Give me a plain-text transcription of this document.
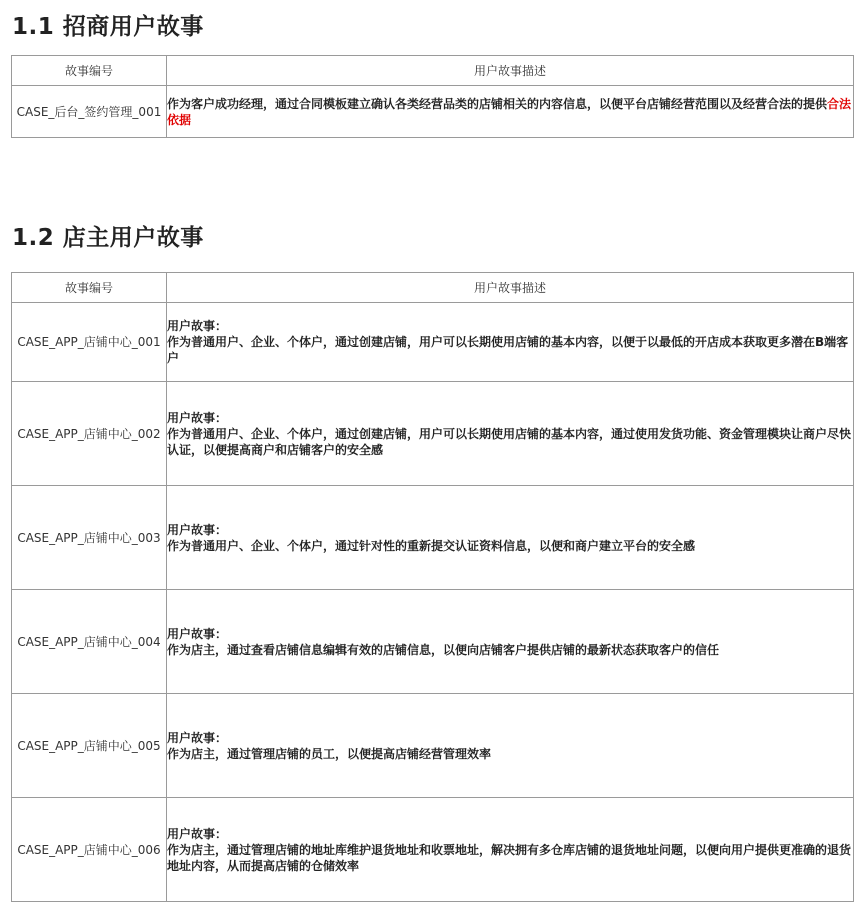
1.1 招商用户故事
故事编号	用户故事描述
CASE_后台_签约管理_001	作为客户成功经理，通过合同模板建立确认各类经营品类的店铺相关的内容信息，以便平台店铺经营范围以及经营合法的提供合法依据
1.2 店主用户故事
故事编号	用户故事描述
CASE_APP_店铺中心_001	用户故事：
作为普通用户、企业、个体户，通过创建店铺，用户可以长期使用店铺的基本内容，以便于以最低的开店成本获取更多潜在B端客户

CASE_APP_店铺中心_002	用户故事：
作为普通用户、企业、个体户，通过创建店铺，用户可以长期使用店铺的基本内容，通过使用发货功能、资金管理模块让商户尽快认证，以便提高商户和店铺客户的安全感

CASE_APP_店铺中心_003	用户故事：
作为普通用户、企业、个体户，通过针对性的重新提交认证资料信息，以便和商户建立平台的安全感

CASE_APP_店铺中心_004	用户故事：
作为店主，通过查看店铺信息编辑有效的店铺信息，以便向店铺客户提供店铺的最新状态获取客户的信任

CASE_APP_店铺中心_005	用户故事：
作为店主，通过管理店铺的员工，以便提高店铺经营管理效率

CASE_APP_店铺中心_006	用户故事：
作为店主，通过管理店铺的地址库维护退货地址和收票地址，解决拥有多仓库店铺的退货地址问题，以便向用户提供更准确的退货地址内容，从而提高店铺的仓储效率
